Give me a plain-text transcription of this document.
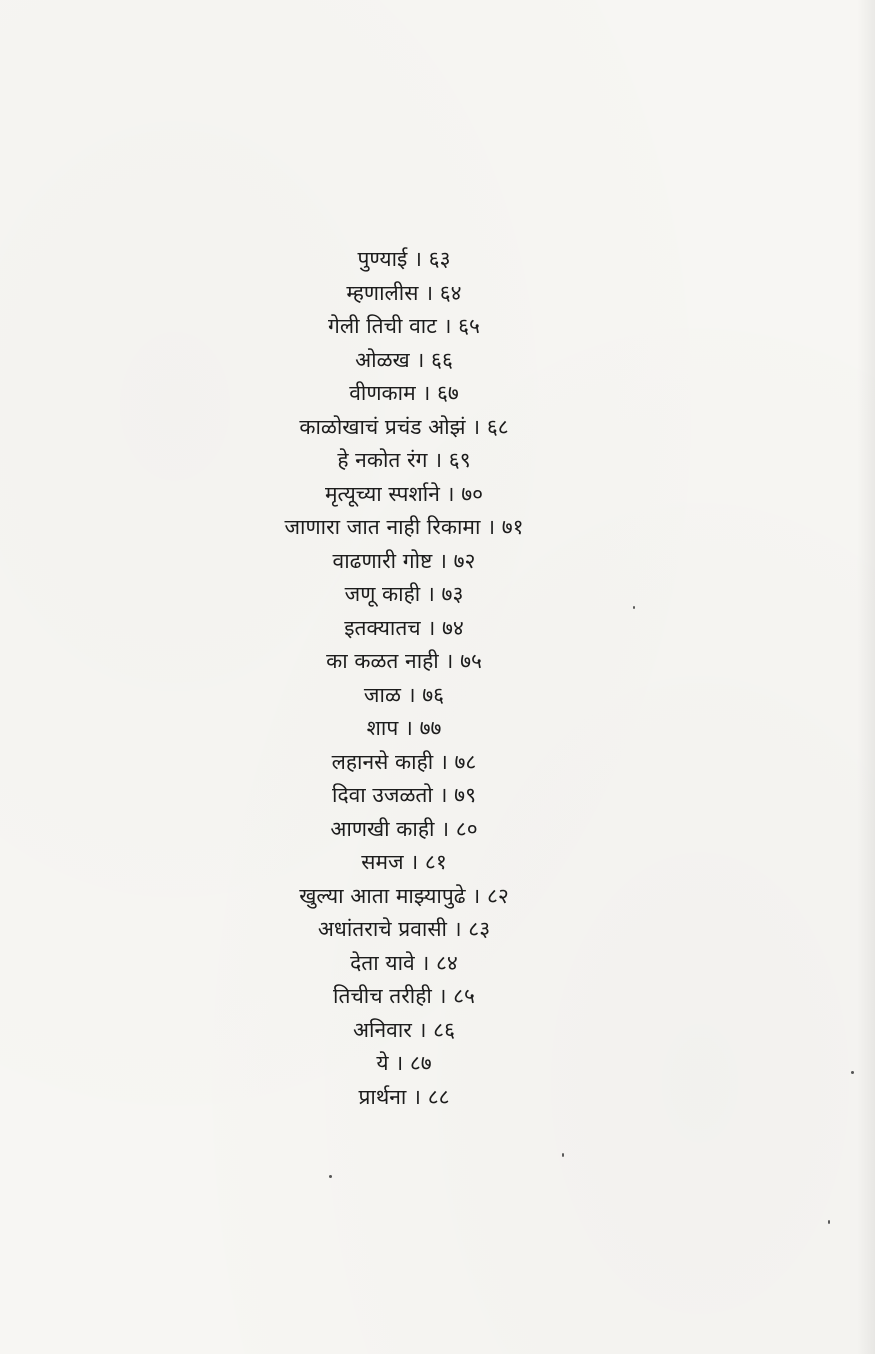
पुण्याई । ६३
म्हणालीस । ६४
गेली तिची वाट । ६५
ओळख । ६६
वीणकाम । ६७
काळोखाचं प्रचंड ओझं । ६८
हे नकोत रंग । ६९
मृत्यूच्या स्पर्शाने । ७०
जाणारा जात नाही रिकामा । ७१
वाढणारी गोष्ट । ७२
जणू काही । ७३
इतक्यातच । ७४
का कळत नाही । ७५
जाळ । ७६
शाप । ७७
लहानसे काही । ७८
दिवा उजळतो । ७९
आणखी काही । ८०
समज । ८१
खुल्या आता माझ्यापुढे । ८२
अधांतराचे प्रवासी । ८३
देता यावे । ८४
तिचीच तरीही । ८५
अनिवार । ८६
ये । ८७
प्रार्थना । ८८
